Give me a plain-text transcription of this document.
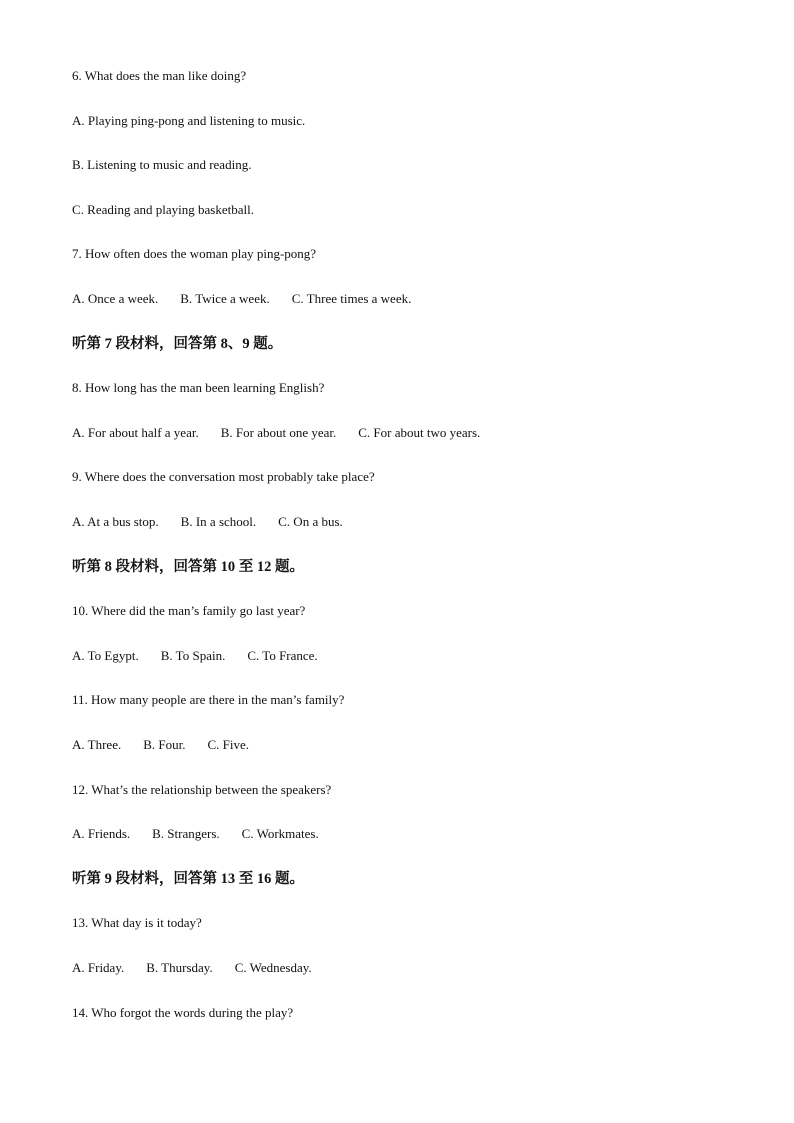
6. What does the man like doing?
A. Playing ping-pong and listening to music.
B. Listening to music and reading.
C. Reading and playing basketball.
7. How often does the woman play ping-pong?
A. Once a week. B. Twice a week. C. Three times a week.
听第 7 段材料，回答第 8、9 题。
8. How long has the man been learning English?
A. For about half a year. B. For about one year. C. For about two years.
9. Where does the conversation most probably take place?
A. At a bus stop. B. In a school. C. On a bus.
听第 8 段材料，回答第 10 至 12 题。
10. Where did the man’s family go last year?
A. To Egypt. B. To Spain. C. To France.
11. How many people are there in the man’s family?
A. Three. B. Four. C. Five.
12. What’s the relationship between the speakers?
A. Friends. B. Strangers. C. Workmates.
听第 9 段材料，回答第 13 至 16 题。
13. What day is it today?
A. Friday. B. Thursday. C. Wednesday.
14. Who forgot the words during the play?
